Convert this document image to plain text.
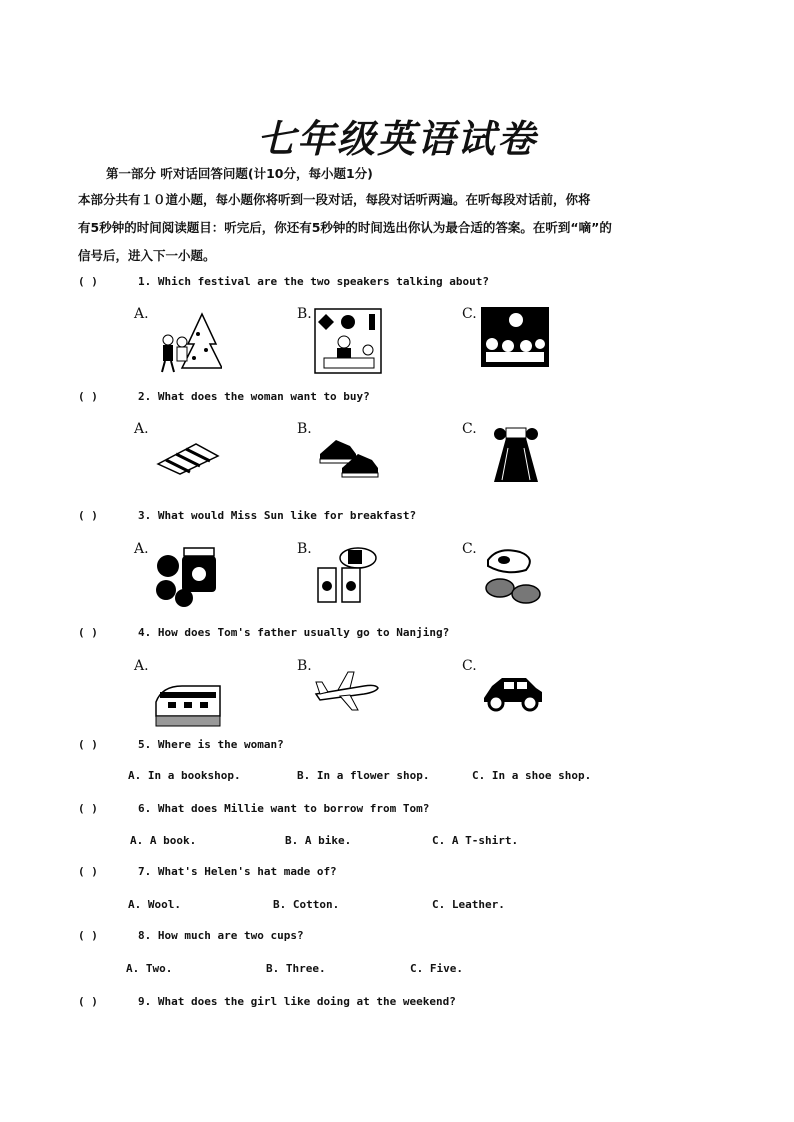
七年级英语试卷
第一部分 听对话回答问题(计10分，每小题1分)

本部分共有１０道小题，每小题你将听到一段对话，每段对话听两遍。在听每段对话前，你将

有5秒钟的时间阅读题目：听完后，你还有5秒钟的时间选出你认为最合适的答案。在听到“嘀”的

信号后，进入下一小题。

( )	1. Which festival are the two speakers talking about?
A.	B.	C.
( )	2. What does the woman want to buy?
A.	B.	C.
( )	3. What would Miss Sun like for breakfast?
A.	B.	C.
( )	4. How does Tom's father usually go to Nanjing?
A.	B.	C.
( )	5. Where is the woman?
A. In a bookshop.	B. In a flower shop.	C. In a shoe shop.
( )	6. What does Millie want to borrow from Tom?
A. A book.	B. A bike.	C. A T-shirt.
( )	7. What's Helen's hat made of?
A. Wool.	B. Cotton.	C. Leather.
( )	8. How much are two cups?
A. Two.	B. Three.	C. Five.
( )	9. What does the girl like doing at the weekend?
